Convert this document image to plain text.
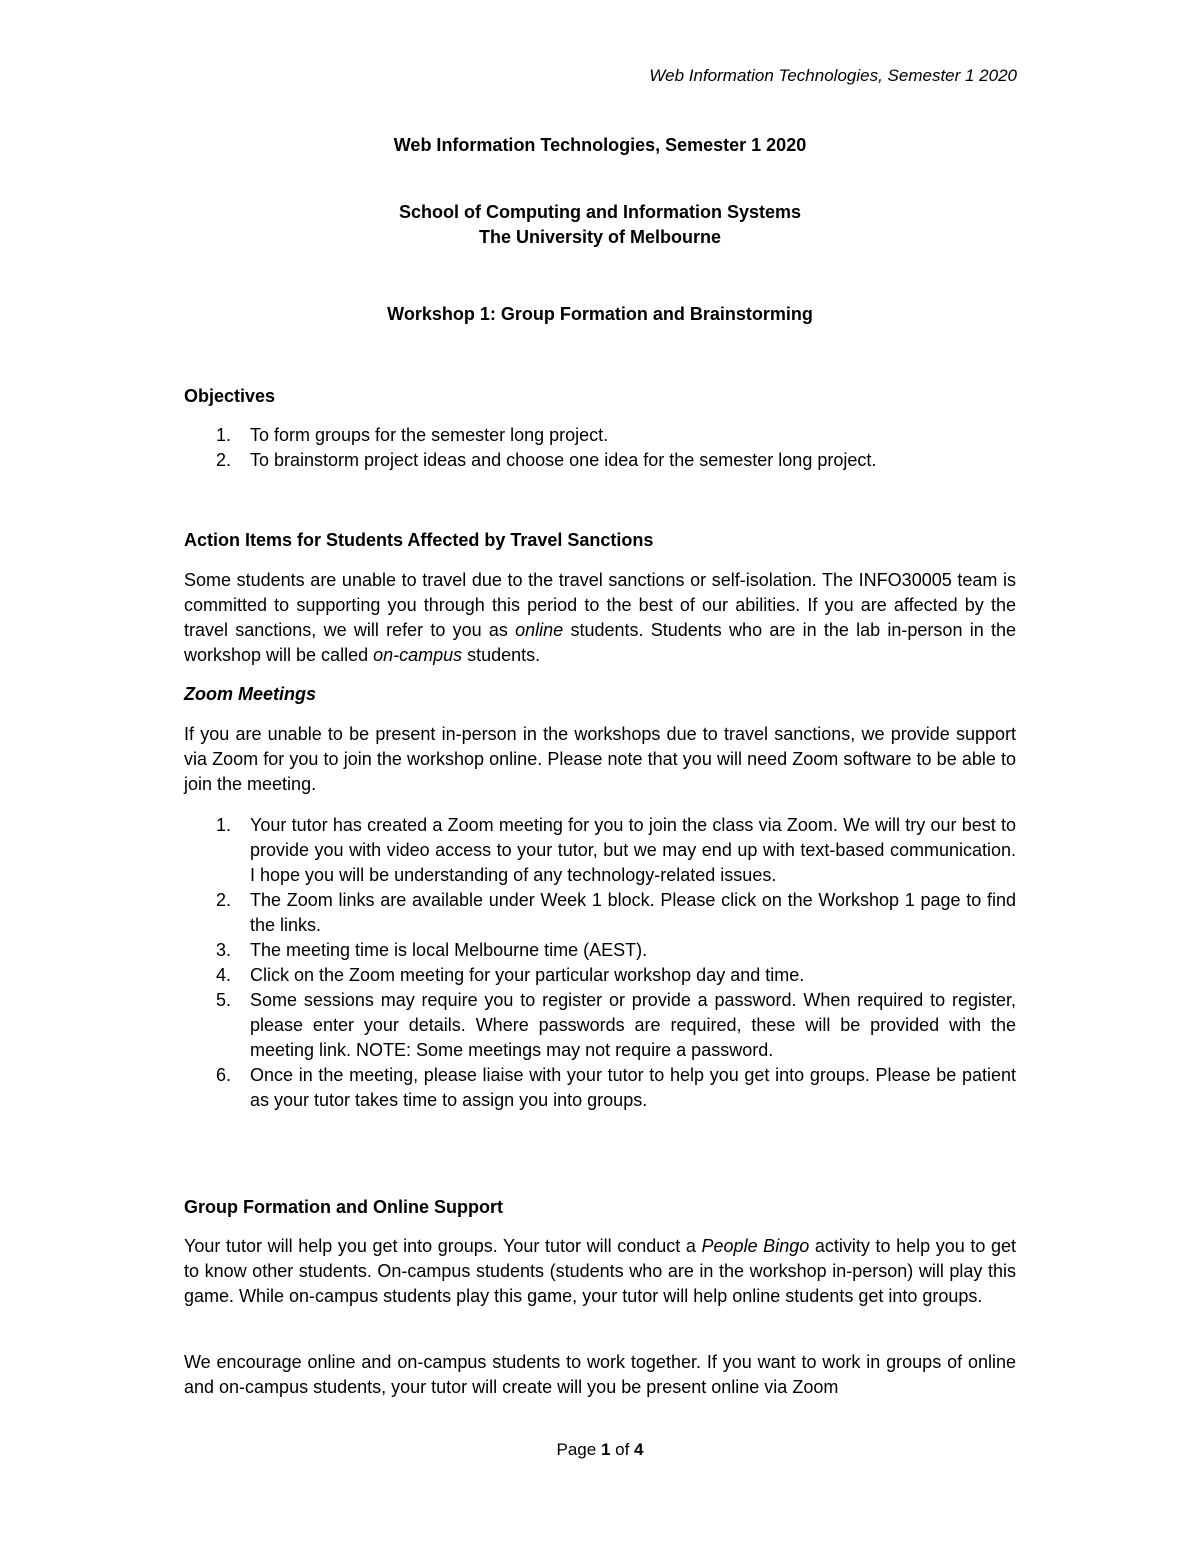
Web Information Technologies, Semester 1 2020
Web Information Technologies, Semester 1 2020
School of Computing and Information Systems
The University of Melbourne
Workshop 1: Group Formation and Brainstorming

Objectives

1. To form groups for the semester long project.
2. To brainstorm project ideas and choose one idea for the semester long project.

Action Items for Students Affected by Travel Sanctions

Some students are unable to travel due to the travel sanctions or self-isolation. The INFO30005 team is committed to supporting you through this period to the best of our abilities. If you are affected by the travel sanctions, we will refer to you as online students. Students who are in the lab in-person in the workshop will be called on-campus students.

Zoom Meetings

If you are unable to be present in-person in the workshops due to travel sanctions, we provide support via Zoom for you to join the workshop online. Please note that you will need Zoom software to be able to join the meeting.

1. Your tutor has created a Zoom meeting for you to join the class via Zoom. We will try our best to provide you with video access to your tutor, but we may end up with text-based communication. I hope you will be understanding of any technology-related issues.
2. The Zoom links are available under Week 1 block. Please click on the Workshop 1 page to find the links.
3. The meeting time is local Melbourne time (AEST).
4. Click on the Zoom meeting for your particular workshop day and time.
5. Some sessions may require you to register or provide a password. When required to register, please enter your details. Where passwords are required, these will be provided with the meeting link. NOTE: Some meetings may not require a password.
6. Once in the meeting, please liaise with your tutor to help you get into groups. Please be patient as your tutor takes time to assign you into groups.

Group Formation and Online Support

Your tutor will help you get into groups. Your tutor will conduct a People Bingo activity to help you to get to know other students. On-campus students (students who are in the workshop in-person) will play this game. While on-campus students play this game, your tutor will help online students get into groups.

We encourage online and on-campus students to work together. If you want to work in groups of online and on-campus students, your tutor will create will you be present online via Zoom

Page 1 of 4
